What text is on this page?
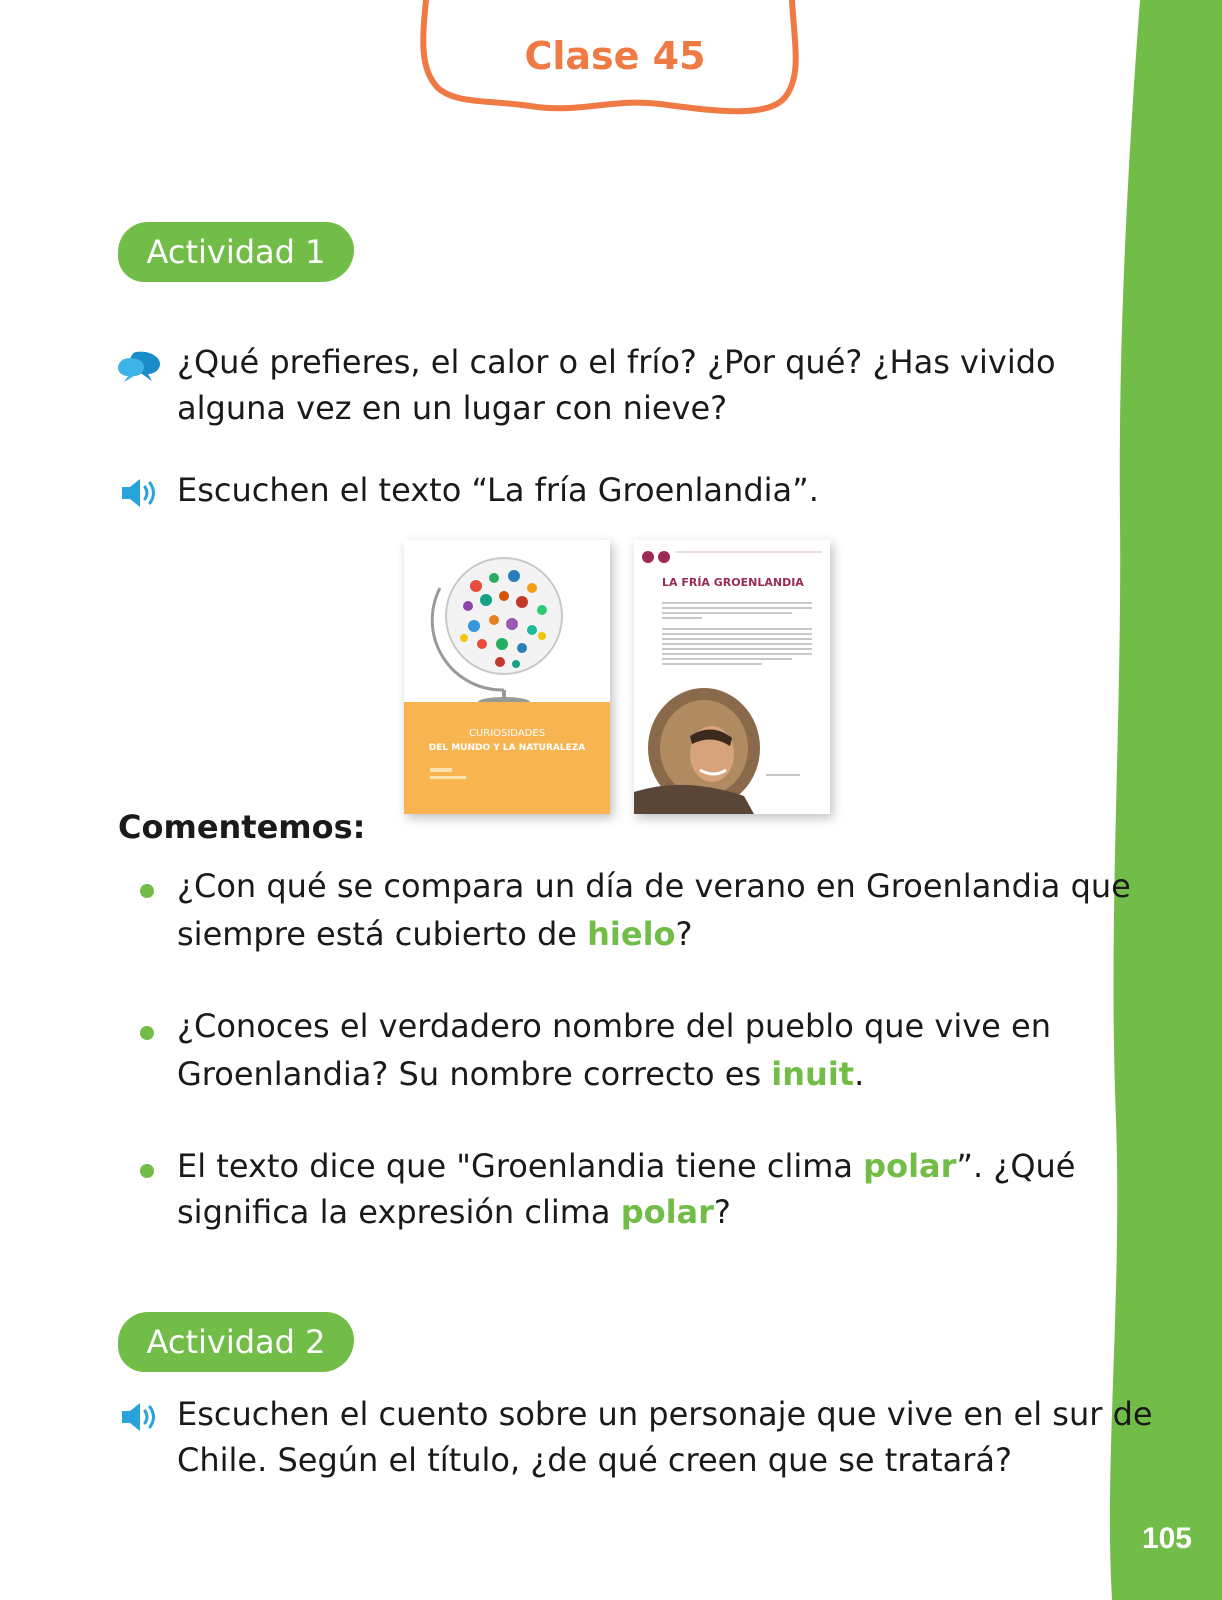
105
Clase 45
Actividad 1
¿Qué prefieres, el calor o el frío? ¿Por qué? ¿Has vivido
alguna vez en un lugar con nieve?
Escuchen el texto “La fría Groenlandia”.
CURIOSIDADES
DEL MUNDO Y LA NATURALEZA
LA FRÍA GROENLANDIA
Comentemos:
¿Con qué se compara un día de verano en Groenlandia que
siempre está cubierto de hielo?
¿Conoces el verdadero nombre del pueblo que vive en
Groenlandia? Su nombre correcto es inuit.
El texto dice que "Groenlandia tiene clima polar”. ¿Qué
significa la expresión clima polar?
Actividad 2
Escuchen el cuento sobre un personaje que vive en el sur de
Chile. Según el título, ¿de qué creen que se tratará?
